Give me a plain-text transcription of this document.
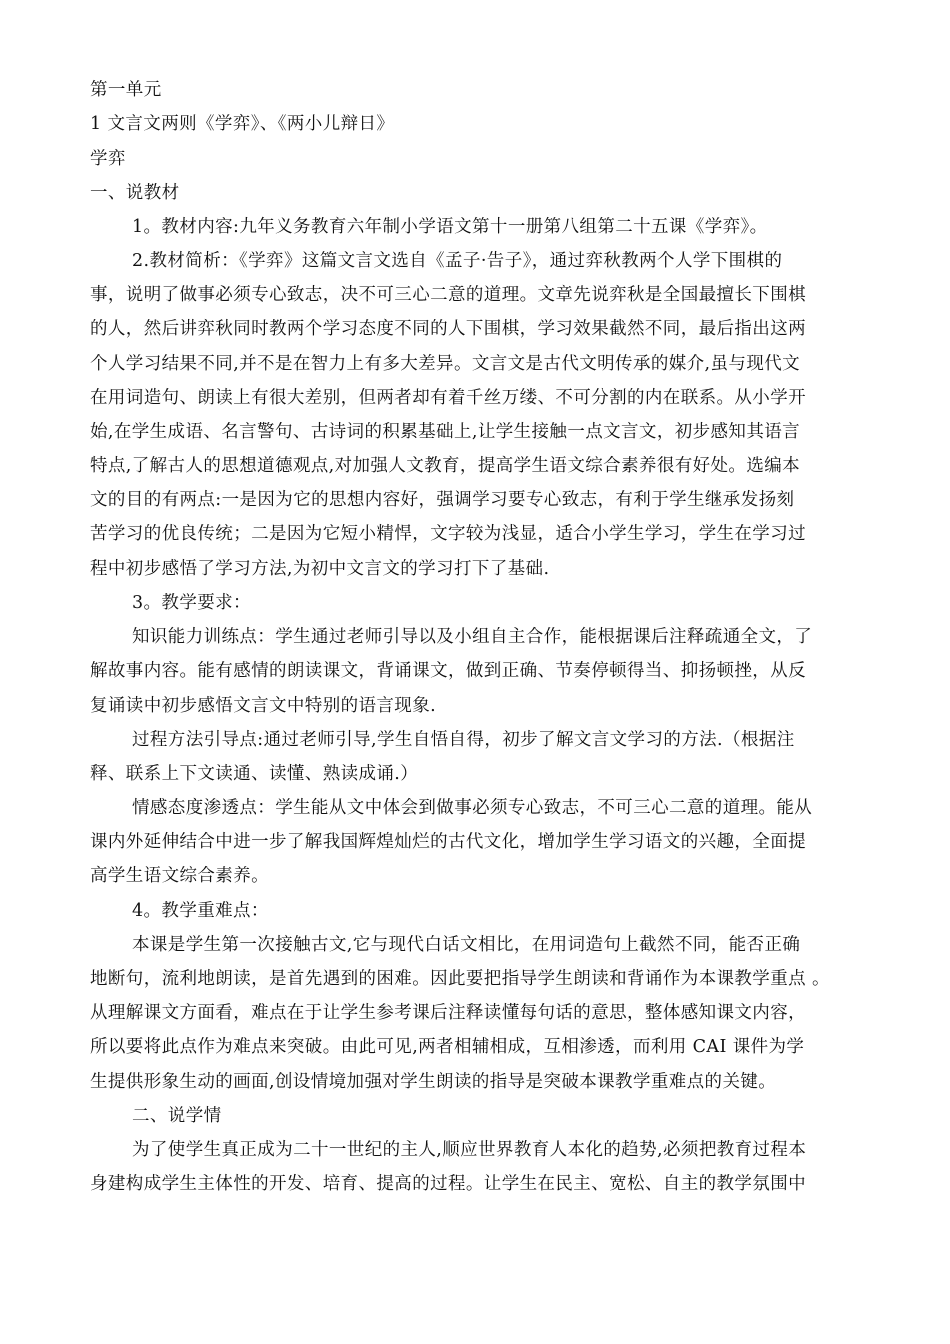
第一单元
1 文言文两则《学弈》、《两小儿辩日》
学弈
一、说教材
1。教材内容:九年义务教育六年制小学语文第十一册第八组第二十五课《学弈》。
2.教材简析：《学弈》这篇文言文选自《孟子·告子》，通过弈秋教两个人学下围棋的
事，说明了做事必须专心致志，决不可三心二意的道理。文章先说弈秋是全国最擅长下围棋
的人，然后讲弈秋同时教两个学习态度不同的人下围棋，学习效果截然不同，最后指出这两
个人学习结果不同,并不是在智力上有多大差异。文言文是古代文明传承的媒介,虽与现代文
在用词造句、朗读上有很大差别，但两者却有着千丝万缕、不可分割的内在联系。从小学开
始,在学生成语、名言警句、古诗词的积累基础上,让学生接触一点文言文，初步感知其语言
特点,了解古人的思想道德观点,对加强人文教育，提高学生语文综合素养很有好处。选编本
文的目的有两点:一是因为它的思想内容好，强调学习要专心致志，有利于学生继承发扬刻
苦学习的优良传统；二是因为它短小精悍，文字较为浅显，适合小学生学习，学生在学习过
程中初步感悟了学习方法,为初中文言文的学习打下了基础.
3。教学要求：
知识能力训练点：学生通过老师引导以及小组自主合作，能根据课后注释疏通全文，了
解故事内容。能有感情的朗读课文，背诵课文，做到正确、节奏停顿得当、抑扬顿挫，从反
复诵读中初步感悟文言文中特别的语言现象.
过程方法引导点:通过老师引导,学生自悟自得，初步了解文言文学习的方法.（根据注
释、联系上下文读通、读懂、熟读成诵.）
情感态度渗透点：学生能从文中体会到做事必须专心致志，不可三心二意的道理。能从
课内外延伸结合中进一步了解我国辉煌灿烂的古代文化，增加学生学习语文的兴趣，全面提
高学生语文综合素养。
4。教学重难点：
本课是学生第一次接触古文,它与现代白话文相比，在用词造句上截然不同，能否正确
地断句，流利地朗读，是首先遇到的困难。因此要把指导学生朗读和背诵作为本课教学重点 。
从理解课文方面看，难点在于让学生参考课后注释读懂每句话的意思，整体感知课文内容，
所以要将此点作为难点来突破。由此可见,两者相辅相成，互相渗透，而利用 CAI 课件为学
生提供形象生动的画面,创设情境加强对学生朗读的指导是突破本课教学重难点的关键。
二、说学情
为了使学生真正成为二十一世纪的主人,顺应世界教育人本化的趋势,必须把教育过程本
身建构成学生主体性的开发、培育、提高的过程。让学生在民主、宽松、自主的教学氛围中
